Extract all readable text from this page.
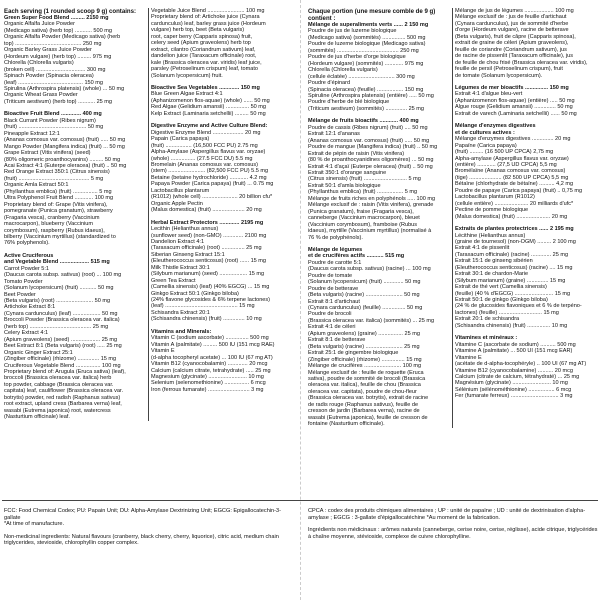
Each serving (1 rounded scoop 9 g) contains:
Green Super Food Blend ......... 2150 mg
Organic Alfalfa Juice Powder
(Medicago sativa) (herb top) ........... 500 mg
Organic Alfalfa Powder (Medicago sativa) (herb
top) ........................................... 250 mg
Organic Barley Grass Juice Powder
(Hordeum vulgare) (herb top) ......... 975 mg
Chlorella (Chlorella vulgaris)
(broken cell) ................................ 300 mg
Spinach Powder (Spinacia oleracea)
(leaf) .......................................... 150 mg
Spirulina (Arthrospira platensis) (whole) ... 50 mg
Organic Wheat Grass Powder
(Triticum aestivum) (herb top) ........... 25 mg
Bioactive Fruit Blend ............. 400 mg
Black Currant Powder (Ribes nigrum)
(fruit) ............................................ 50 mg
Pineapple Extract 12:1
(Ananas comosus var. comosus) (fruit) ..... 50 mg
Mango Powder (Mangifera indica) (fruit) ... 50 mg
Grape Extract (Vitis vinifera) (seed)
(80% oligomeric proanthocyanins) ......... 50 mg
Acai Extract 4:1 (Euterpe oleracea) (fruit) .. 50 mg
Red Orange Extract 350:1 (Citrus sinensis)
(fruit) .............................................. 5 mg
Organic Amla Extract 50:1
(Phyllanthus emblica) (fruit) ................ 5 mg
Ultra Polyphenol Fruit Blend ............ 100 mg
Proprietary blend of: Grape (Vitis vinifera),
pomegranate (Punica granatum), strawberry
(Fragaria vesca), cranberry (Vaccinium
macrocarpon), blueberry (Vaccinium
corymbosum), raspberry (Rubus idaeus),
bilberry (Vaccinium myrtillus) (standardized to
76% polyphenols).
Active Cruciferous
and Vegetable Blend ................... 515 mg
Carrot Powder 5:1
(Daucus carota subsp. sativus) (root) ... 100 mg
Tomato Powder
(Solanum lycopersicum) (fruit) ........... 50 mg
Beet Powder
(Beta vulgaris) (root) ........................ 50 mg
Artichoke Extract 8:1
(Cynara cardunculus) (leaf) .................. 50 mg
Broccoli Powder (Brassica oleracea var. italica)
(herb top) ........................................ 25 mg
Celery Extract 4:1
(Apium graveolens) (seed) ................... 25 mg
Beet Extract 8:1 (Beta vulgaris) (root) ..... 25 mg
Organic Ginger Extract 25:1
(Zingiber officinale) (rhizome) .............. 15 mg
Cruciferous Vegetable Blend ................ 100 mg
Proprietary blend of: Arugula (Eruca sativa) (leaf),
broccoli (Brassica oleracea var. italica) herb
top powder, cabbage (Brassica oleracea var.
capitata) leaf, cauliflower (Brassica oleracea var.
botrytis) powder, red radish (Raphanus sativus)
root extract, upland cress (Barbarea verna) leaf,
wasabi (Eutrema japonica) root, watercress
(Nasturtium officinale) leaf.
Vegetable Juice Blend ........................ 100 mg
Proprietary blend of: Artichoke juice (Cynara
cardunculus) leaf, barley grass juice (Hordeum
vulgare) herb top, beet (Beta vulgaris)
root, caper berry (Capparis spinosa) fruit,
celery seed (Apium graveolens) herb top
extract, cilantro (Coriandrum sativum) leaf,
dandelion juice (Taraxacum officinale) root,
kale (Brassica oleracea var. viridis) leaf juice,
parsley (Petroselinum crispum) leaf, tomato
(Solanum lycopersicum) fruit.
Bioactive Sea Vegetables ............. 150 mg
Blue Green Algae Extract 4:1
(Aphanizomenon flos-aquae) (whole) ...... 50 mg
Red Algae (Gelidium amansii) ............... 50 mg
Kelp Extract (Laminaria setchellii) ......... 50 mg
Digestive Enzyme and Active Culture Blend:
Digestive Enzyme Blend .................... 20 mg
Papain (Carica papaya)
(fruit) ................. (16,500 FCC PU) 2.75 mg
Alpha-Amylase (Aspergillus flavus var. oryzae)
(whole) ................ (27.5 FCC DU) 5.5 mg
Bromelain (Ananas comosus var. comosus)
(stem) ........................ (82,500 FCC PU) 5.5 mg
Betaine (betaine hydrochloride) ............ 4.2 mg
Papaya Powder (Carica papaya) (fruit) ... 0.75 mg
Lactobacillus plantarum
(R1012) (whole cell) ....................... 20 billion cfu*
Organic Apple Pectin
(Malus domestica) (fruit) ..................... 20 mg
Herbal Extract Protectors ............. 2195 mg
Lecithin (Helianthus annus)
(sunflower seed) (non-GMO) ............. 2100 mg
Dandelion Extract 4:1
(Taraxacum officinale) (root) ............... 25 mg
Siberian Ginseng Extract 15:1
(Eleutherococcus senticosus) (root) ...... 15 mg
Milk Thistle Extract 30:1
(Silybum marianum) (seed) .................. 15 mg
Green Tea Extract
(Camellia sinensis) (leaf) (40% EGCG) ... 15 mg
Ginkgo Extract 50:1 (Ginkgo biloba)
(24% flavone glycosides & 6% terpene lactones)
(leaf) ............................................... 15 mg
Schisandra Extract 20:1
(Schisandra chinensis) (fruit) .............. 10 mg
Vitamins and Minerals:
Vitamin C (sodium ascorbate) ............... 500 mg
Vitamin A (palmitate) ......... 500 IU (151 mcg RAE)
Vitamin E
(d-alpha tocopheryl acetate) ... 100 IU (67 mg AT)
Vitamin B12 (cyanocobalamin) ............. 20 mcg
Calcium (calcium citrate, tetrahydrate) ..... 25 mg
Magnesium (glycinate) ......................... 10 mg
Selenium (selenomethionine) ................ 6 mcg
Iron (ferrous fumarate) ........................... 3 mg
Chaque portion (une mesure comble de 9 g)
contient :
Mélange de superaliments verts ...... 2 150 mg
Poudre de jus de luzerne biologique
(Medicago sativa) (sommités) ............... 500 mg
Poudre de luzerne biologique (Medicago sativa)
(sommités) ........................................ 250 mg
Poudre de jus d'herbe d'orge biologique
(Hordeum vulgare) (sommités) ............ 975 mg
Chlorella (Chlorella vulgaris)
(cellule éclatée) .............................. 300 mg
Poudre d'épinard
(Spinacia oleracea) (feuille) ................. 150 mg
Spiruline (Arthrospira platensis) (entière) ..... 50 mg
Poudre d'herbe de blé biologique
(Triticum aestivum) (sommités) .............. 25 mg
Mélange de fruits bioactifs ............ 400 mg
Poudre de cassis (Ribes nigrum) (fruit) .... 50 mg
Extrait 12:1 d'ananas
(Ananas comosus var. comosus) (fruit) ..... 50 mg
Poudre de mangue (Mangifera indica) (fruit) .. 50 mg
Extrait de pépin de raisin (Vitis vinifera)
(80 % de proanthocyanidines oligomères) ... 50 mg
Extrait 4:1 d'açaï (Euterpe oleracea) (fruit) .. 50 mg
Extrait 350:1 d'orange sanguine
(Citrus sinensis) (fruit) ............................ 5 mg
Extrait 50:1 d'amla biologique
(Phyllanthus emblica) (fruit) ................. 5 mg
Mélange de fruits riches en polyphénols ..... 100 mg
Mélange exclusif de : raisin (Vitis vinifera), grenade
(Punica granatum), fraise (Fragaria vesca),
canneberge (Vaccinium macrocarpon), bleuet
(Vaccinium corymbosum), framboise (Rubus
idaeus), myrtille (Vaccinium myrtillus) (normalisé à
76 % de polyphénols).
Mélange de légumes
et de crucifères actifs ........... 515 mg
Poudre de carotte 5:1
(Daucus carota subsp. sativus) (racine) ... 100 mg
Poudre de tomate
(Solanum lycopersicum) (fruit) ............. 50 mg
Poudre de betterave
(Beta vulgaris) (racine) ........................ 50 mg
Extrait 8:1 d'artichaut
(Cynara cardunculus) (feuille) ............... 50 mg
Poudre de brocoli
(Brassica oleracea var. italica) (sommités) ... 25 mg
Extrait 4:1 de céleri
(Apium graveolens) (graine) ................ 25 mg
Extrait 8:1 de betterave
(Beta vulgaris) (racine) ........................ 25 mg
Extrait 25:1 de gingembre biologique
(Zingiber officinale) (rhizome) ............... 15 mg
Mélange de crucifères ........................ 100 mg
Mélange exclusif de : feuille de roquette (Eruca
sativa), poudre de sommité de brocoli (Brassica
oleracea var. italica), feuille de chou (Brassica
oleracea var. capitata), poudre de chou-fleur
(Brassica oleracea var. botrytis), extrait de racine
de radis rouge (Raphanus sativus), feuille de
cresson de jardin (Barbarea verna), racine de
wasabi (Eutrema japonica), feuille de cresson de
fontaine (Nasturtium officinale).
Mélange de jus de légumes ................... 100 mg
Mélange exclusif de : jus de feuille d'artichaut
(Cynara cardunculus), jus de sommité d'herbe
d'orge (Hordeum vulgare), racine de betterave
(Beta vulgaris), fruit de câpre (Capparis spinosa),
extrait de graine de céleri (Apium graveolens),
feuille de coriandre (Coriandrum sativum), jus
de racine de pissenlit (Taraxacum officinale), jus
de feuille de chou frisé (Brassica oleracea var. viridis),
feuille de persil (Petroselinum crispum), fruit
de tomate (Solanum lycopersicum).
Légumes de mer bioactifs ............... 150 mg
Extrait 4:1 d'algue bleu-vert
(Aphanizomenon flos-aquae) (entière) ..... 50 mg
Algue rouge (Gelidium amansii) .............. 50 mg
Extrait de varech (Laminaria setchellii) ...... 50 mg
Mélange d'enzymes digestives
et de cultures actives :
Mélange d'enzymes digestives .............. 20 mg
Papaïne (Carica papaya)
(fruit) ......... (16 500 UP CPCA) 2,75 mg
Alpha-amylase (Aspergillus flavus var. oryzae)
(entière) ............ (27,5 UD CPCA) 5,5 mg
Bromélaïne (Ananas comosus var. comosus)
(tige) ..................... (82 500 UP CPCA) 5,5 mg
Bétaïne (chlorhydrate de bétaïne) .......... 4,2 mg
Poudre de papaye (Carica papaya) (fruit) .. 0,75 mg
Lactobacillus plantarum (R1012)
(cellule entière) ...................... 20 milliards d'ufc*
Pectine de pomme biologique
(Malus domestica) (fruit) ...................... 20 mg
Extraits de plantes protectrices ...... 2 195 mg
Lécithine (Helianthus annus)
(graine de tournesol) (non-OGM) ......... 2 100 mg
Extrait 4:1 de pissenlit
(Taraxacum officinale) (racine) ............. 25 mg
Extrait 15:1 de ginseng sibérien
(Eleutherococcus senticosus) (racine) .... 15 mg
Extrait 30:1 de chardon-Marie
(Silybum marianum) (graine) .............. 15 mg
Extrait de thé vert (Camellia sinensis)
(feuille) (40 % d'EGCG) ......................... 15 mg
Extrait 50:1 de ginkgo (Ginkgo biloba)
(24 % de glucosides flavoniques et 6 % de terpéno-
lactones) (feuille) ............................ 15 mg
Extrait 20:1 de schisandra
(Schisandra chinensis) (fruit) ............... 10 mg
Vitamines et minéraux :
Vitamine C (ascorbate de sodium) .......... 500 mg
Vitamine A (palmitate) ... 500 UI (151 mcg EAR)
Vitamine E
(acétate de d-alpha-tocophéryle) .. 100 UI (67 mg AT)
Vitamine B12 (cyanocobalamine) .......... 20 mcg
Calcium (citrate de calcium, tétrahydraté) ... 25 mg
Magnésium (glycinate) ......................... 10 mg
Sélénium (sélénométhionine) ................. 6 mcg
Fer (fumarate ferreux) ............................... 3 mg
FCC: Food Chemical Codex; PU: Papain Unit; DU: Alpha-Amylase Dextrinizing Unit; EGCG: Epigallocatechin-3-gallate
*At time of manufacture.
Non-medicinal ingredients: Natural flavours (cranberry, black cherry, cherry, liquorice), citric acid, medium chain triglycerides, stevioside, chlorophyllin copper complex.
CPCA : codex des produits chimiques alimentaires ; UP : unité de papaïne ; UD : unité de dextrinisation d'alpha-amylase ; EGCG : 3-gallate d'épigallocatéchine *Au moment de la fabrication.
Ingrédients non médicinaux : arômes naturels (canneberge, cerise noire, cerise, réglisse), acide citrique, triglycérides à chaîne moyenne, stévioside, complexe de cuivre chlorophylline.
